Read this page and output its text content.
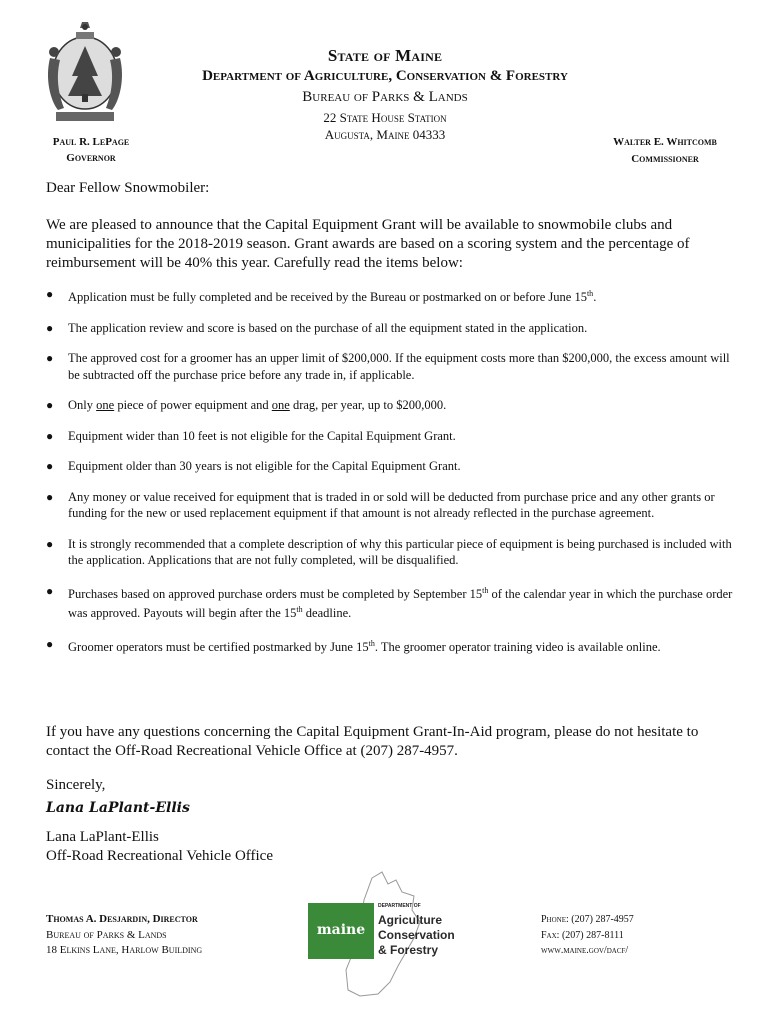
State of Maine
Department of Agriculture, Conservation & Forestry
Bureau of Parks & Lands
22 State House Station
Augusta, Maine 04333
Paul R. LePage
Governor
Walter E. Whitcomb
Commissioner
Dear Fellow Snowmobiler:
We are pleased to announce that the Capital Equipment Grant will be available to snowmobile clubs and municipalities for the 2018-2019 season. Grant awards are based on a scoring system and the percentage of reimbursement will be 40% this year. Carefully read the items below:
● Application must be fully completed and be received by the Bureau or postmarked on or before June 15th.
● The application review and score is based on the purchase of all the equipment stated in the application.
● The approved cost for a groomer has an upper limit of $200,000. If the equipment costs more than $200,000, the excess amount will be subtracted off the purchase price before any trade in, if applicable.
● Only one piece of power equipment and one drag, per year, up to $200,000.
● Equipment wider than 10 feet is not eligible for the Capital Equipment Grant.
● Equipment older than 30 years is not eligible for the Capital Equipment Grant.
● Any money or value received for equipment that is traded in or sold will be deducted from purchase price and any other grants or funding for the new or used replacement equipment if that amount is not already reflected in the purchase agreement.
● It is strongly recommended that a complete description of why this particular piece of equipment is being purchased is included with the application. Applications that are not fully completed, will be disqualified.
● Purchases based on approved purchase orders must be completed by September 15th of the calendar year in which the purchase order was approved. Payouts will begin after the 15th deadline.
● Groomer operators must be certified postmarked by June 15th. The groomer operator training video is available online.
If you have any questions concerning the Capital Equipment Grant-In-Aid program, please do not hesitate to contact the Off-Road Recreational Vehicle Office at (207) 287-4957.
Sincerely,
Lana LaPlant-Ellis
Lana LaPlant-Ellis
Off-Road Recreational Vehicle Office
Thomas A. Desjardin, Director
Bureau of Parks & Lands
18 Elkins Lane, Harlow Building
maine
DEPARTMENT OF
Agriculture
Conservation
& Forestry
Phone: (207) 287-4957
Fax: (207) 287-8111
www.maine.gov/dacf/
